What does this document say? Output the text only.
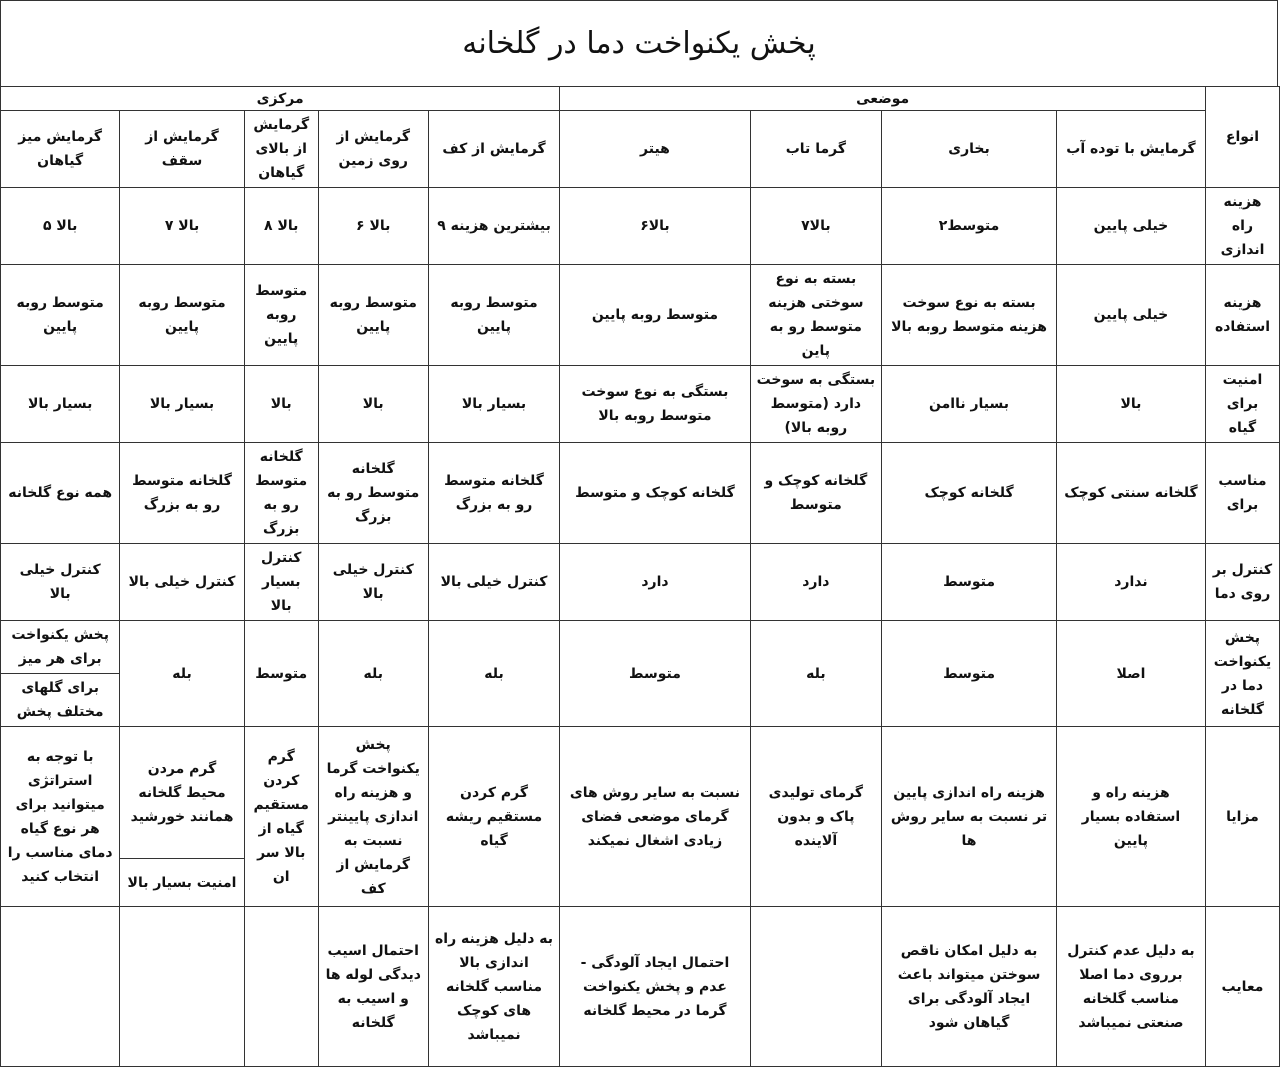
پخش یکنواخت دما در گلخانه
انواع	موضعی				مرکزی				
	گرمایش با توده آب	بخاری	گرما تاب	هیتر	گرمایش از کف	گرمایش از روی زمین	گرمایش از بالای گیاهان	گرمایش از سقف	گرمایش میز گیاهان
هزینه راه اندازی	خیلی پایین	متوسط۲	بالا۷	بالا۶	بیشترین هزینه ۹	بالا ۶	بالا ۸	بالا ۷	بالا ۵
هزینه استفاده	خیلی پایین	بسته به نوع سوخت هزینه متوسط روبه بالا	بسته به نوع سوختی هزینه متوسط رو به پاین	متوسط روبه پایین	متوسط روبه پایین	متوسط روبه پایین	متوسط روبه پایین	متوسط روبه پایین	متوسط روبه پایین
امنیت برای گیاه	بالا	بسیار ناامن	بستگی به سوخت دارد (متوسط روبه بالا)	بستگی به نوع سوخت متوسط روبه بالا	بسیار بالا	بالا	بالا	بسیار بالا	بسیار بالا
مناسب برای	گلخانه سنتی کوچک	گلخانه کوچک	گلخانه کوچک و متوسط	گلخانه کوچک و متوسط	گلخانه متوسط رو به بزرگ	گلخانه متوسط رو به بزرگ	گلخانه متوسط رو به بزرگ	گلخانه متوسط رو به بزرگ	همه نوع گلخانه
کنترل بر روی دما	ندارد	متوسط	دارد	دارد	کنترل خیلی بالا	کنترل خیلی بالا	کنترل بسیار بالا	کنترل خیلی بالا	کنترل خیلی بالا
پخش یکنواخت دما در گلخانه	اصلا	متوسط	بله	متوسط	بله	بله	متوسط	بله	پخش یکنواخت برای هر میز
									برای گلهای مختلف پخش
مزایا	هزینه راه و استفاده بسیار پایین	هزینه راه اندازی پایین تر نسبت به سایر روش ها	گرمای تولیدی پاک و بدون آلاینده	نسبت به سایر روش های گرمای موضعی فضای زیادی اشغال نمیکند	گرم کردن مستقیم ریشه گیاه	پخش یکنواخت گرما و هزینه راه اندازی پایینتر نسبت به گرمایش از کف	گرم کردن مستقیم گیاه از بالا سر ان	گرم مردن محیط گلخانه همانند خورشید	با توجه به استراتژی میتوانید برای هر نوع گیاه دمای مناسب را انتخاب کنید
								امنیت بسیار بالا	
معایب	به دلیل عدم کنترل برروی دما اصلا مناسب گلخانه صنعتی نمیباشد	به دلیل امکان ناقص سوختن میتواند باعث ایجاد آلودگی برای گیاهان شود		احتمال ایجاد آلودگی - عدم و پخش یکنواخت گرما در محیط گلخانه	به دلیل هزینه راه اندازی بالا مناسب گلخانه های کوچک نمیباشد	احتمال اسیب دیدگی لوله ها و اسیب به گلخانه			
